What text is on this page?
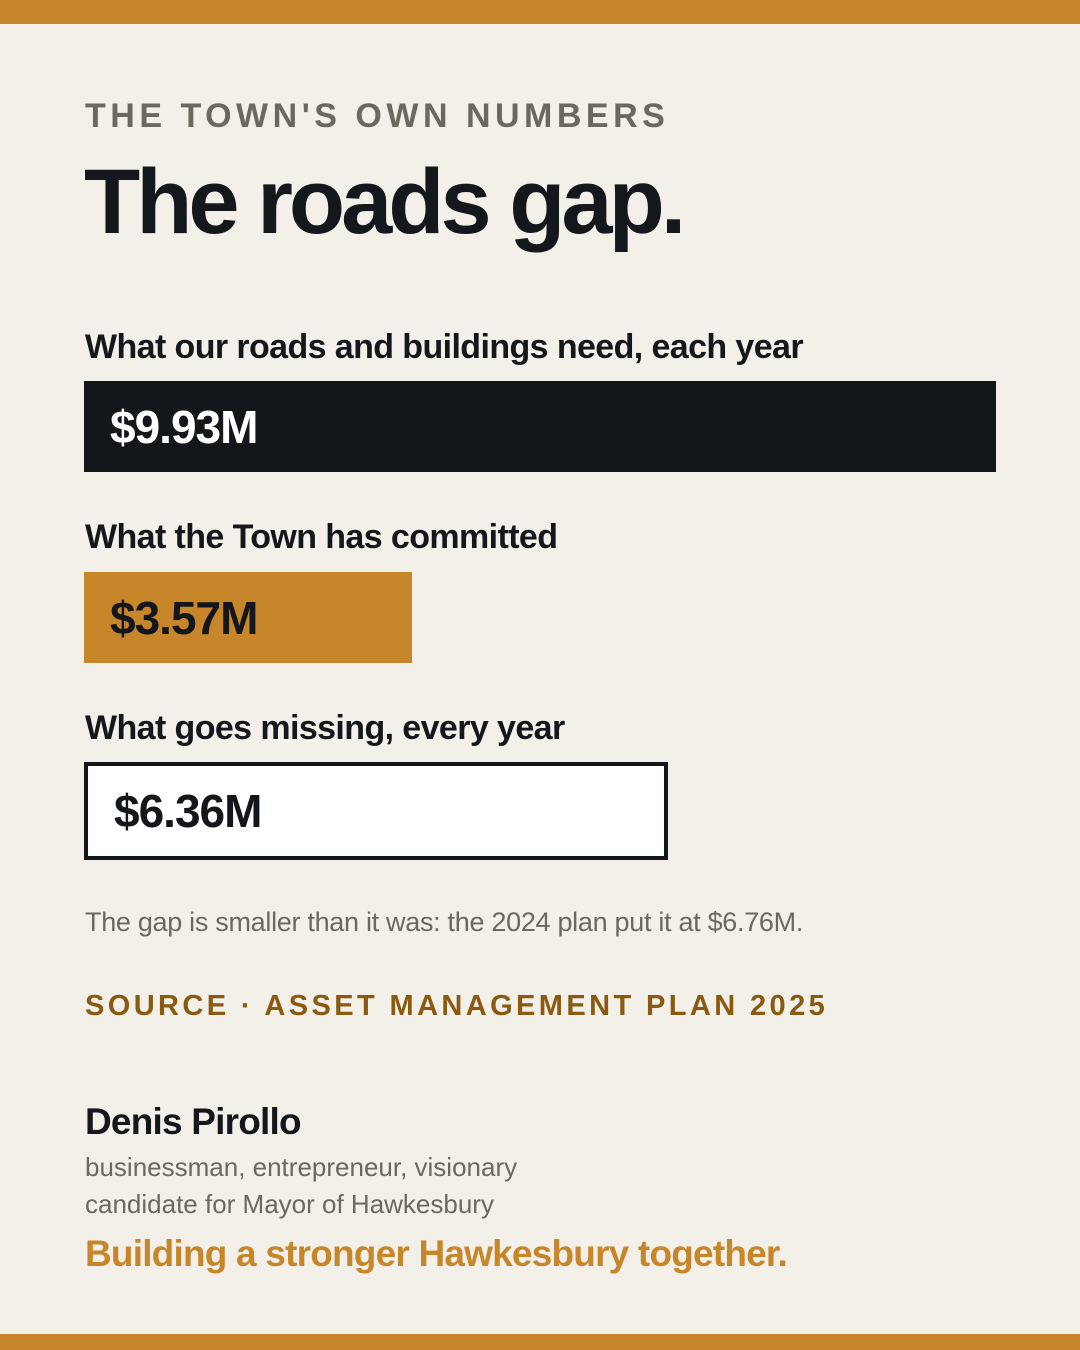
THE TOWN'S OWN NUMBERS
The roads gap.
What our roads and buildings need, each year
$9.93M
What the Town has committed
$3.57M
What goes missing, every year
$6.36M
The gap is smaller than it was: the 2024 plan put it at $6.76M.
SOURCE · ASSET MANAGEMENT PLAN 2025
Denis Pirollo
businessman, entrepreneur, visionary
candidate for Mayor of Hawkesbury
Building a stronger Hawkesbury together.
